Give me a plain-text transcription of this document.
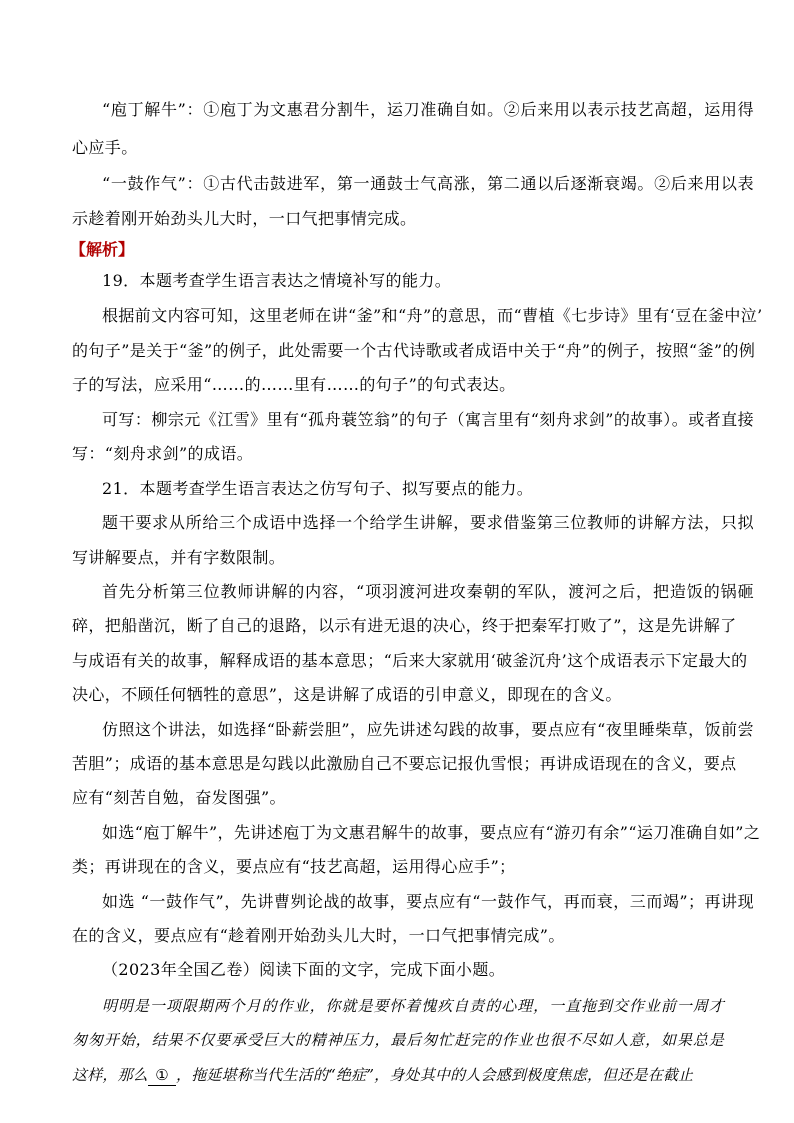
“庖丁解牛”：①庖丁为文惠君分割牛，运刀准确自如。②后来用以表示技艺高超，运用得
心应手。
“一鼓作气”：①古代击鼓进军，第一通鼓士气高涨，第二通以后逐渐衰竭。②后来用以表
示趁着刚开始劲头儿大时，一口气把事情完成。
【解析】
19．本题考查学生语言表达之情境补写的能力。
根据前文内容可知，这里老师在讲“釜”和“舟”的意思，而“曹植《七步诗》里有‘豆在釜中泣’
的句子”是关于“釜”的例子，此处需要一个古代诗歌或者成语中关于“舟”的例子，按照“釜”的例
子的写法，应采用“……的……里有……的句子”的句式表达。
可写：柳宗元《江雪》里有“孤舟蓑笠翁”的句子（寓言里有“刻舟求剑”的故事）。或者直接
写：“刻舟求剑”的成语。
21．本题考查学生语言表达之仿写句子、拟写要点的能力。
题干要求从所给三个成语中选择一个给学生讲解，要求借鉴第三位教师的讲解方法，只拟
写讲解要点，并有字数限制。
首先分析第三位教师讲解的内容，“项羽渡河进攻秦朝的军队，渡河之后，把造饭的锅砸
碎，把船凿沉，断了自己的退路，以示有进无退的决心，终于把秦军打败了”，这是先讲解了
与成语有关的故事，解释成语的基本意思；“后来大家就用‘破釜沉舟’这个成语表示下定最大的
决心，不顾任何牺牲的意思”，这是讲解了成语的引申意义，即现在的含义。
仿照这个讲法，如选择“卧薪尝胆”，应先讲述勾践的故事，要点应有“夜里睡柴草，饭前尝
苦胆”；成语的基本意思是勾践以此激励自己不要忘记报仇雪恨；再讲成语现在的含义，要点
应有“刻苦自勉，奋发图强”。
如选“庖丁解牛”，先讲述庖丁为文惠君解牛的故事，要点应有“游刃有余”“运刀准确自如”之
类；再讲现在的含义，要点应有“技艺高超，运用得心应手”；
如选 “一鼓作气”，先讲曹刿论战的故事，要点应有“一鼓作气，再而衰，三而竭”；再讲现
在的含义，要点应有“趁着刚开始劲头儿大时，一口气把事情完成”。
（2023年全国乙卷）阅读下面的文字，完成下面小题。
明明是一项限期两个月的作业，你就是要怀着愧疚自责的心理，一直拖到交作业前一周才
匆匆开始，结果不仅要承受巨大的精神压力，最后匆忙赶完的作业也很不尽如人意，如果总是
这样，那么 ① ，拖延堪称当代生活的“绝症”，身处其中的人会感到极度焦虑，但还是在截止
